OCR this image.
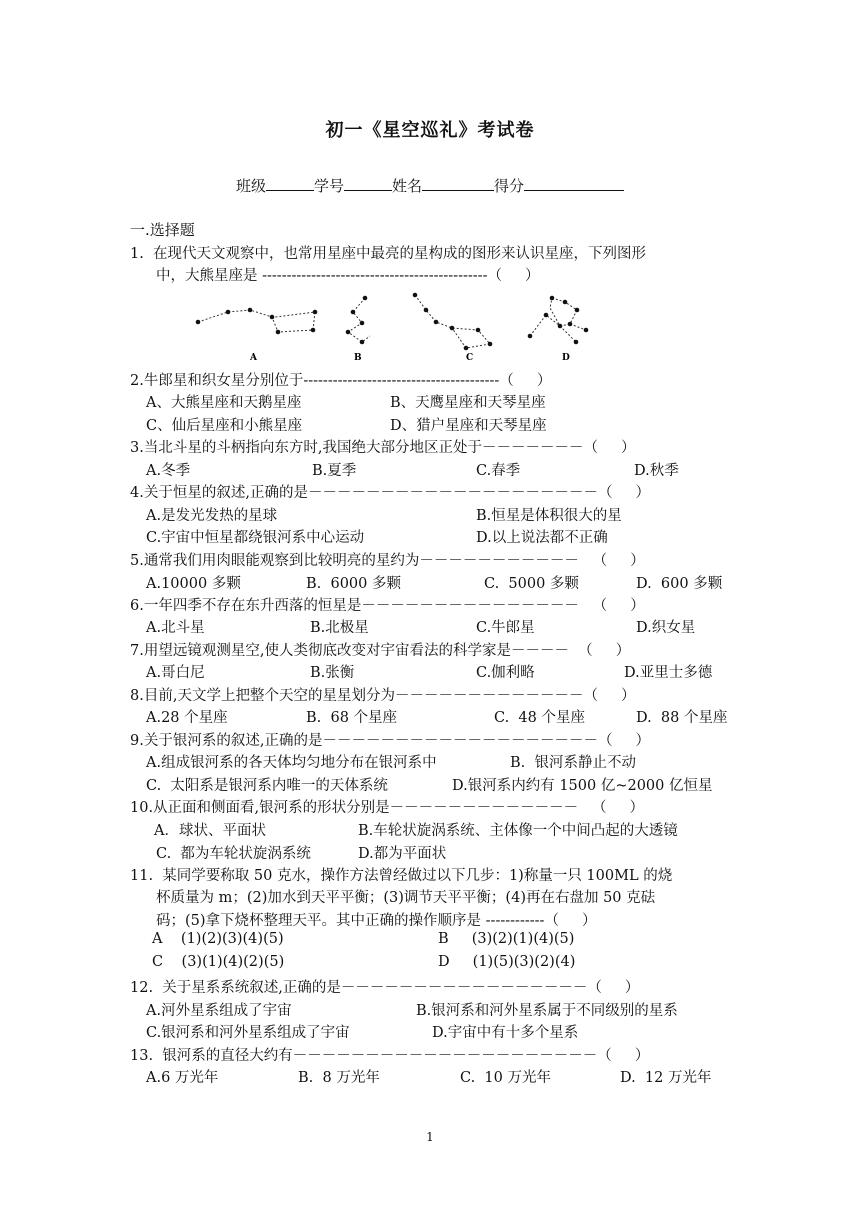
初一《星空巡礼》考试卷
班级	学号	姓名	得分
一.选择题
1.  在现代天文观察中，也常用星座中最亮的星构成的图形来认识星座，下列图形
中，大熊星座是 ----------------------------------------------（     ）
A	B	C	D
2.牛郎星和织女星分别位于----------------------------------------（     ）
A、大熊星座和天鹅星座	B、天鹰星座和天琴星座
C、仙后星座和小熊星座	D、猎户星座和天琴星座
3.当北斗星的斗柄指向东方时,我国绝大部分地区正处于－－－－－－－（     ）
A.冬季	B.夏季	C.春季	D.秋季
4.关于恒星的叙述,正确的是－－－－－－－－－－－－－－－－－－－－（     ）
A.是发光发热的星球	B.恒星是体积很大的星
C.宇宙中恒星都绕银河系中心运动	D.以上说法都不正确
5.通常我们用肉眼能观察到比较明亮的星约为－－－－－－－－－－－   （     ）
A.10000 多颗	B.  6000 多颗	C.  5000 多颗	D.  600 多颗
6.一年四季不存在东升西落的恒星是－－－－－－－－－－－－－－－   （     ）
A.北斗星	B.北极星	C.牛郎星	D.织女星
7.用望远镜观测星空,使人类彻底改变对宇宙看法的科学家是－－－－  （     ）
A.哥白尼	B.张衡	C.伽利略	D.亚里士多德
8.目前,天文学上把整个天空的星星划分为－－－－－－－－－－－－－（     ）
A.28 个星座	B.  68 个星座	C.  48 个星座	D.  88 个星座
9.关于银河系的叙述,正确的是－－－－－－－－－－－－－－－－－－－（     ）
A.组成银河系的各天体均匀地分布在银河系中	B.  银河系静止不动
C.  太阳系是银河系内唯一的天体系统	D.银河系内约有 1500 亿~2000 亿恒星
10.从正面和侧面看,银河系的形状分别是－－－－－－－－－－－－－   （     ）
A．球状、平面状	B.车轮状旋涡系统、主体像一个中间凸起的大透镜
C.  都为车轮状旋涡系统	D.都为平面状
11.  某同学要称取 50 克水，操作方法曾经做过以下几步：1)称量一只 100ML 的烧
杯质量为 m；(2)加水到天平平衡；(3)调节天平平衡；(4)再在右盘加 50 克砝
码；(5)拿下烧杯整理天平。其中正确的操作顺序是 ------------（     ）
A    (1)(2)(3)(4)(5)	B     (3)(2)(1)(4)(5)
C    (3)(1)(4)(2)(5)	D     (1)(5)(3)(2)(4)
12.  关于星系系统叙述,正确的是－－－－－－－－－－－－－－－－－（     ）
A.河外星系组成了宇宙	B.银河系和河外星系属于不同级别的星系
C.银河系和河外星系组成了宇宙	D.宇宙中有十多个星系
13.  银河系的直径大约有－－－－－－－－－－－－－－－－－－－－－（     ）
A.6 万光年	B.  8 万光年	C.  10 万光年	D.  12 万光年
1
